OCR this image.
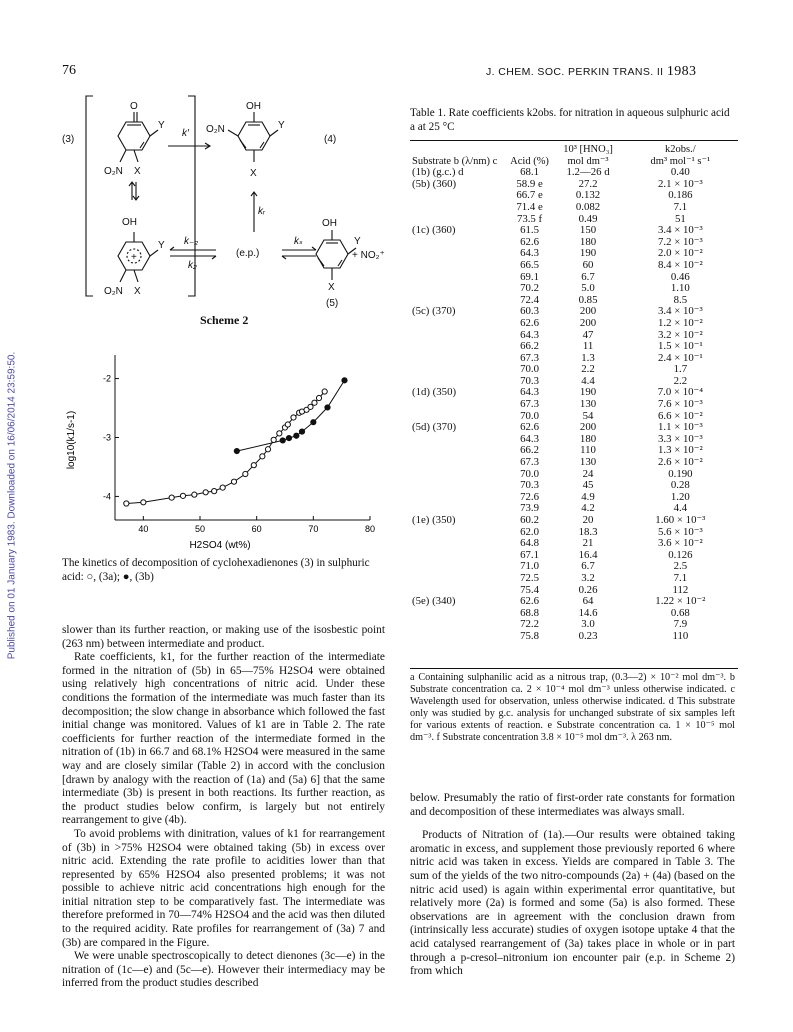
Published on 01 January 1983. Downloaded on 16/06/2014 23:59:50.
76	J. CHEM. SOC. PERKIN TRANS. II 1983
(3)
O
Y
O₂N X
OH
Y
+
O₂N X
k′
OH
O₂N	Y
X
(4)
kᵣ
k₋₂
k₂
(e.p.)
kₛ
OH
Y
+ NO₂⁺
X
(5)
Scheme 2
40	50	60	70	80
-2
-3
-4
H2SO4 (wt%)
log10(k1/s-1)
The kinetics of decomposition of cyclohexadienones (3) in sulphuric acid: ○, (3a); ●, (3b)
Table 1. Rate coefficients k2obs. for nitration in aqueous sulphuric acid a at 25 °C
		10³ [HNO₃]	k2obs./
Substrate b (λ/nm) c	Acid (%)	mol dm⁻³	dm³ mol⁻¹ s⁻¹
(1b) (g.c.) d	68.1	1.2—26 d	0.40
(5b) (360)	58.9 e	27.2	2.1 × 10⁻³
	66.7 e	0.132	0.186
	71.4 e	0.082	7.1
	73.5 f	0.49	51
(1c) (360)	61.5	150	3.4 × 10⁻³
	62.6	180	7.2 × 10⁻³
	64.3	190	2.0 × 10⁻²
	66.5	60	8.4 × 10⁻²
	69.1	6.7	0.46
	70.2	5.0	1.10
	72.4	0.85	8.5
(5c) (370)	60.3	200	3.4 × 10⁻³
	62.6	200	1.2 × 10⁻²
	64.3	47	3.2 × 10⁻²
	66.2	11	1.5 × 10⁻¹
	67.3	1.3	2.4 × 10⁻¹
	70.0	2.2	1.7
	70.3	4.4	2.2
(1d) (350)	64.3	190	7.0 × 10⁻⁴
	67.3	130	7.6 × 10⁻³
	70.0	54	6.6 × 10⁻²
(5d) (370)	62.6	200	1.1 × 10⁻³
	64.3	180	3.3 × 10⁻³
	66.2	110	1.3 × 10⁻²
	67.3	130	2.6 × 10⁻²
	70.0	24	0.190
	70.3	45	0.28
	72.6	4.9	1.20
	73.9	4.2	4.4
(1e) (350)	60.2	20	1.60 × 10⁻³
	62.0	18.3	5.6 × 10⁻³
	64.8	21	3.6 × 10⁻²
	67.1	16.4	0.126
	71.0	6.7	2.5
	72.5	3.2	7.1
	75.4	0.26	112
(5e) (340)	62.6	64	1.22 × 10⁻²
	68.8	14.6	0.68
	72.2	3.0	7.9
	75.8	0.23	110
a Containing sulphanilic acid as a nitrous trap, (0.3—2) × 10⁻² mol dm⁻³. b Substrate concentration ca. 2 × 10⁻⁴ mol dm⁻³ unless otherwise indicated. c Wavelength used for observation, unless otherwise indicated. d This substrate only was studied by g.c. analysis for unchanged substrate of six samples left for various extents of reaction. e Substrate concentration ca. 1 × 10⁻⁵ mol dm⁻³. f Substrate concentration 3.8 × 10⁻⁵ mol dm⁻³. λ 263 nm.

slower than its further reaction, or making use of the isosbestic point (263 nm) between intermediate and product.

Rate coefficients, k1, for the further reaction of the intermediate formed in the nitration of (5b) in 65—75% H2SO4 were obtained using relatively high concentrations of nitric acid. Under these conditions the formation of the intermediate was much faster than its decomposition; the slow change in absorbance which followed the fast initial change was monitored. Values of k1 are in Table 2. The rate coefficients for further reaction of the intermediate formed in the nitration of (1b) in 66.7 and 68.1% H2SO4 were measured in the same way and are closely similar (Table 2) in accord with the conclusion [drawn by analogy with the reaction of (1a) and (5a) 6] that the same intermediate (3b) is present in both reactions. Its further reaction, as the product studies below confirm, is largely but not entirely rearrangement to give (4b).

To avoid problems with dinitration, values of k1 for rearrangement of (3b) in >75% H2SO4 were obtained taking (5b) in excess over nitric acid. Extending the rate profile to acidities lower than that represented by 65% H2SO4 also presented problems; it was not possible to achieve nitric acid concentrations high enough for the initial nitration step to be comparatively fast. The intermediate was therefore preformed in 70—74% H2SO4 and the acid was then diluted to the required acidity. Rate profiles for rearrangement of (3a) 7 and (3b) are compared in the Figure.

We were unable spectroscopically to detect dienones (3c—e) in the nitration of (1c—e) and (5c—e). However their intermediacy may be inferred from the product studies described

below. Presumably the ratio of first-order rate constants for formation and decomposition of these intermediates was always small.

Products of Nitration of (1a).—Our results were obtained taking aromatic in excess, and supplement those previously reported 6 where nitric acid was taken in excess. Yields are compared in Table 3. The sum of the yields of the two nitro-compounds (2a) + (4a) (based on the nitric acid used) is again within experimental error quantitative, but relatively more (2a) is formed and some (5a) is also formed. These observations are in agreement with the conclusion drawn from (intrinsically less accurate) studies of oxygen isotope uptake 4 that the acid catalysed rearrangement of (3a) takes place in whole or in part through a p-cresol–nitronium ion encounter pair (e.p. in Scheme 2) from which
